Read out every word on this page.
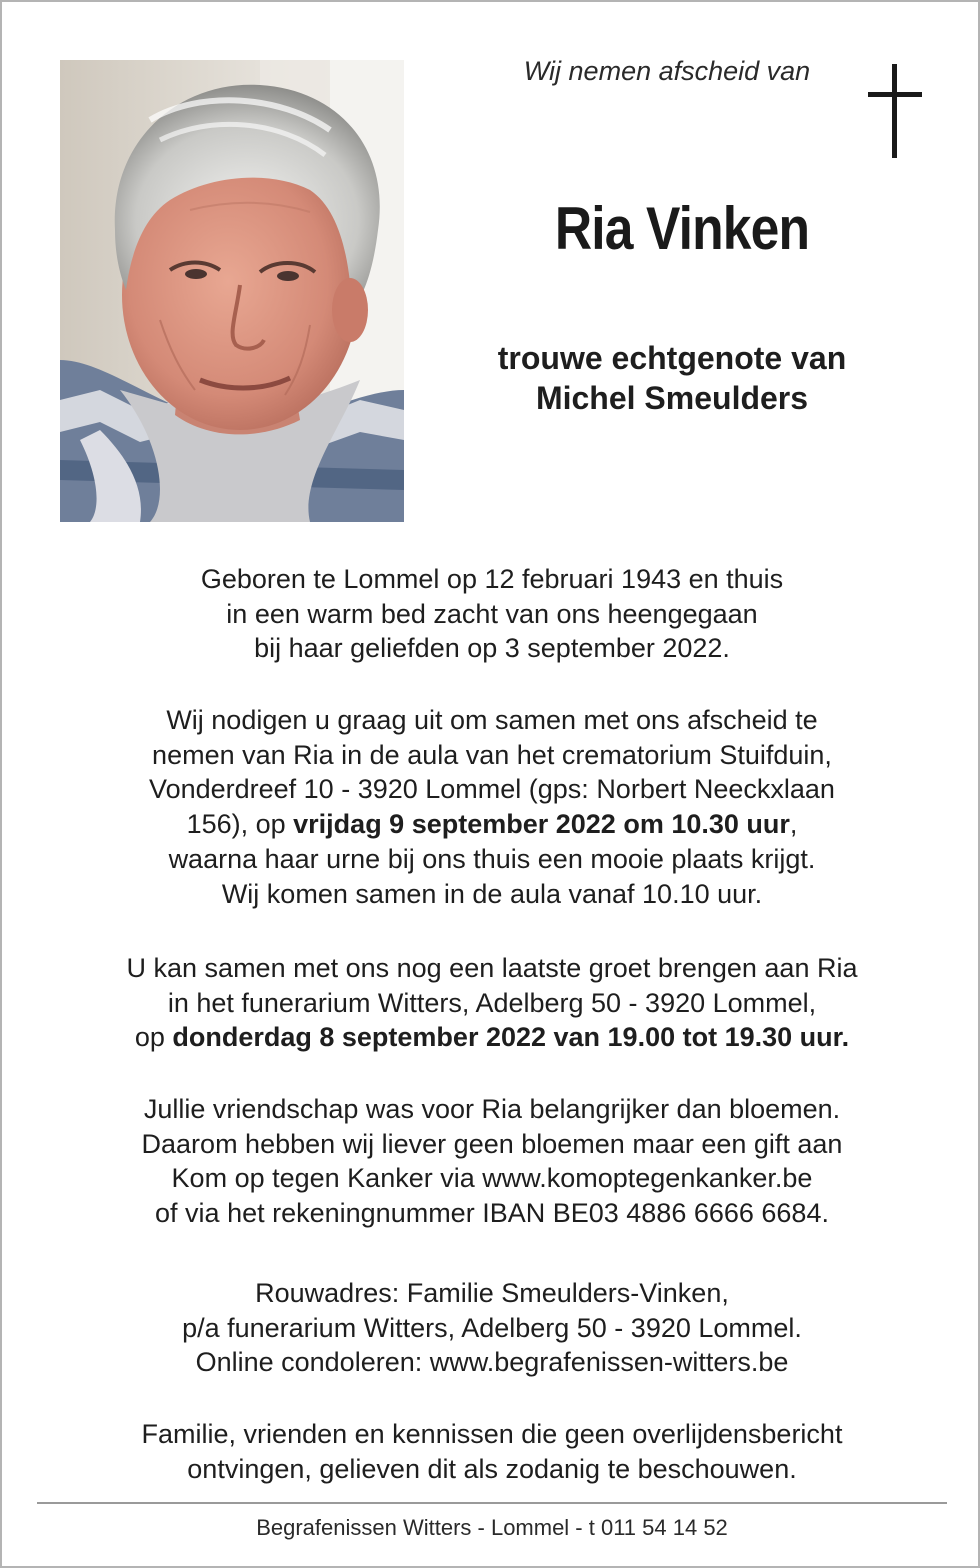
Wij nemen afscheid van

Ria Vinken
trouwe echtgenote van
Michel Smeulders

Geboren te Lommel op 12 februari 1943 en thuis

in een warm bed zacht van ons heengegaan

bij haar geliefden op 3 september 2022.

Wij nodigen u graag uit om samen met ons afscheid te

nemen van Ria in de aula van het crematorium Stuifduin,

Vonderdreef 10 - 3920 Lommel (gps: Norbert Neeckxlaan

156), op vrijdag 9 september 2022 om 10.30 uur,

waarna haar urne bij ons thuis een mooie plaats krijgt.

Wij komen samen in de aula vanaf 10.10 uur.

U kan samen met ons nog een laatste groet brengen aan Ria

in het funerarium Witters, Adelberg 50 - 3920 Lommel,

op donderdag 8 september 2022 van 19.00 tot 19.30 uur.

Jullie vriendschap was voor Ria belangrijker dan bloemen.

Daarom hebben wij liever geen bloemen maar een gift aan

Kom op tegen Kanker via www.komoptegenkanker.be

of via het rekeningnummer IBAN BE03 4886 6666 6684.

Rouwadres: Familie Smeulders-Vinken,

p/a funerarium Witters, Adelberg 50 - 3920 Lommel.

Online condoleren: www.begrafenissen-witters.be

Familie, vrienden en kennissen die geen overlijdensbericht

ontvingen, gelieven dit als zodanig te beschouwen.

Begrafenissen Witters - Lommel - t 011 54 14 52
